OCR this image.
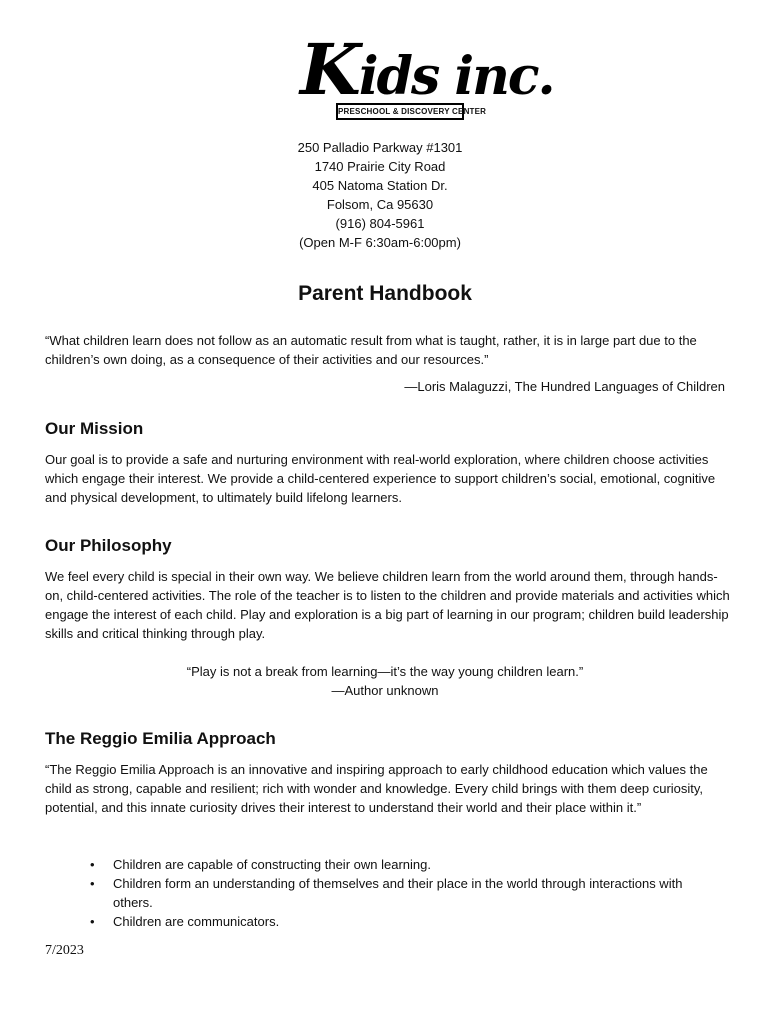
Kids inc.
PRESCHOOL & DISCOVERY CENTER
250 Palladio Parkway #1301
1740 Prairie City Road
405 Natoma Station Dr.
Folsom, Ca 95630
(916) 804-5961
(Open M-F 6:30am-6:00pm)
Parent Handbook
“What children learn does not follow as an automatic result from what is taught, rather, it is in large part due to the children’s own doing, as a consequence of their activities and our resources.”
—Loris Malaguzzi, The Hundred Languages of Children
Our Mission
Our goal is to provide a safe and nurturing environment with real-world exploration, where children choose activities which engage their interest. We provide a child-centered experience to support children’s social, emotional, cognitive and physical development, to ultimately build lifelong learners.
Our Philosophy
We feel every child is special in their own way. We believe children learn from the world around them, through hands-on, child-centered activities. The role of the teacher is to listen to the children and provide materials and activities which engage the interest of each child. Play and exploration is a big part of learning in our program; children build leadership skills and critical thinking through play.
“Play is not a break from learning—it’s the way young children learn.”
—Author unknown
The Reggio Emilia Approach
“The Reggio Emilia Approach is an innovative and inspiring approach to early childhood education which values the child as strong, capable and resilient; rich with wonder and knowledge. Every child brings with them deep curiosity, potential, and this innate curiosity drives their interest to understand their world and their place within it.”
• Children are capable of constructing their own learning.
• Children form an understanding of themselves and their place in the world through interactions with others.
• Children are communicators.
7/2023
